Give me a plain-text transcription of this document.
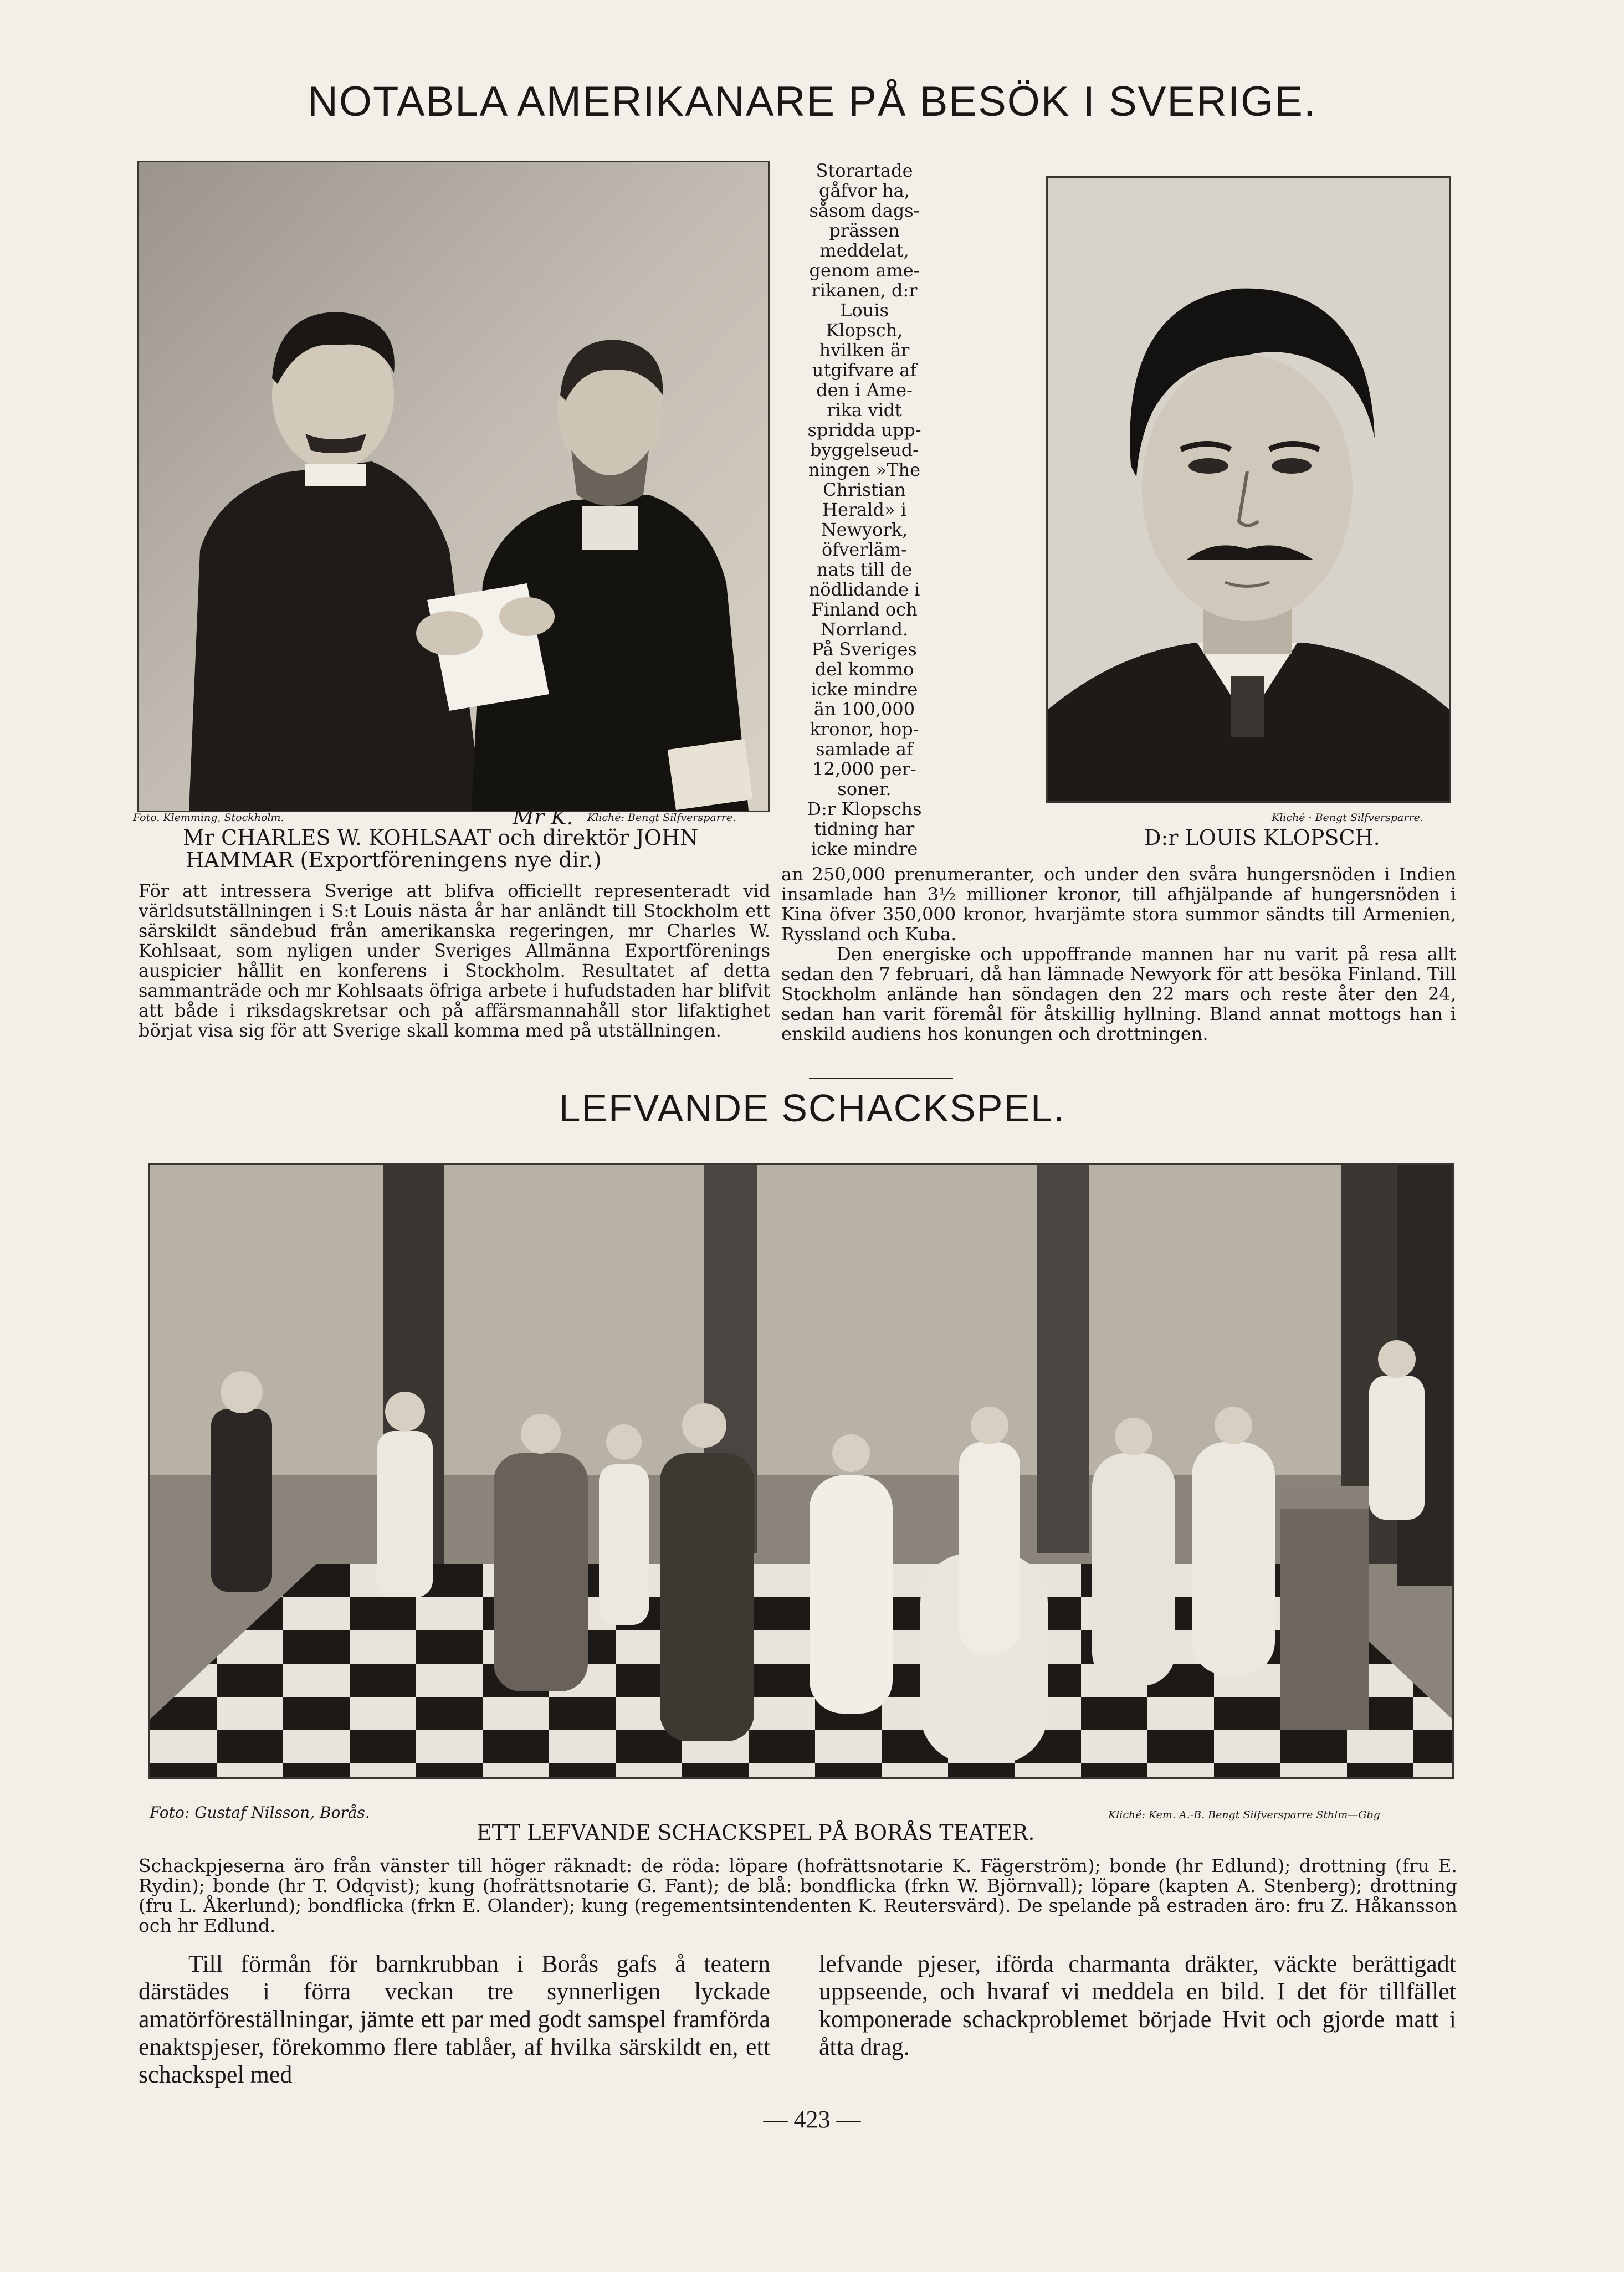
NOTABLA AMERIKANARE PÅ BESÖK I SVERIGE.
Foto. Klemming, Stockholm.	Mr K. Kliché: Bengt Silfversparre.
Mr CHARLES W. KOHLSAAT och direktör JOHN
HAMMAR (Exportföreningens nye dir.)
För att intressera Sverige att blifva officiellt representeradt vid världsutställningen i S:t Louis nästa år har anländt till Stockholm ett särskildt sändebud från amerikanska regeringen, mr Charles W. Kohlsaat, som nyligen under Sveriges Allmänna Exportförenings auspicier hållit en konferens i Stockholm. Resultatet af detta sammanträde och mr Kohlsaats öfriga arbete i hufudstaden har blifvit att både i riksdagskretsar och på affärsmannahåll stor lifaktighet börjat visa sig för att Sverige skall komma med på utställningen.
Storartade
gåfvor ha,
såsom dags-
prässen
meddelat,
genom ame-
rikanen, d:r
Louis
Klopsch,
hvilken är
utgifvare af
den i Ame-
rika vidt
spridda upp-
byggelseud-
ningen »The
Christian
Herald» i
Newyork,
öfverläm-
nats till de
nödlidande i
Finland och
Norrland.
På Sveriges
del kommo
icke mindre
än 100,000
kronor, hop-
samlade af
12,000 per-
soner.
D:r Klopschs
tidning har
icke mindre
Kliché · Bengt Silfversparre.
D:r LOUIS KLOPSCH.
an 250,000 prenumeranter, och under den svåra hungersnöden i Indien insamlade han 3½ millioner kronor, till afhjälpande af hungersnöden i Kina öfver 350,000 kronor, hvarjämte stora summor sändts till Armenien, Ryssland och Kuba.
Den energiske och uppoffrande mannen har nu varit på resa allt sedan den 7 februari, då han lämnade Newyork för att besöka Finland. Till Stockholm anlände han söndagen den 22 mars och reste åter den 24, sedan han varit föremål för åtskillig hyllning. Bland annat mottogs han i enskild audiens hos konungen och drottningen.
LEFVANDE SCHACKSPEL.
Foto: Gustaf Nilsson, Borås.	Kliché: Kem. A.-B. Bengt Silfversparre Sthlm—Gbg
ETT LEFVANDE SCHACKSPEL PÅ BORÅS TEATER.
Schackpjeserna äro från vänster till höger räknadt: de röda: löpare (hofrättsnotarie K. Fägerström); bonde (hr Edlund); drottning (fru E. Rydin); bonde (hr T. Odqvist); kung (hofrättsnotarie G. Fant); de blå: bondflicka (frkn W. Björnvall); löpare (kapten A. Stenberg); drottning (fru L. Åkerlund); bondflicka (frkn E. Olander); kung (regementsintendenten K. Reutersvärd). De spelande på estraden äro: fru Z. Håkansson och hr Edlund.
Till förmån för barnkrubban i Borås gafs å teatern därstädes i förra veckan tre synnerligen lyckade amatörföreställningar, jämte ett par med godt samspel framförda enaktspjeser, förekommo flere tablåer, af hvilka särskildt en, ett schackspel med
lefvande pjeser, iförda charmanta dräkter, väckte berättigadt uppseende, och hvaraf vi meddela en bild. I det för tillfället komponerade schackproblemet började Hvit och gjorde matt i åtta drag.
— 423 —
